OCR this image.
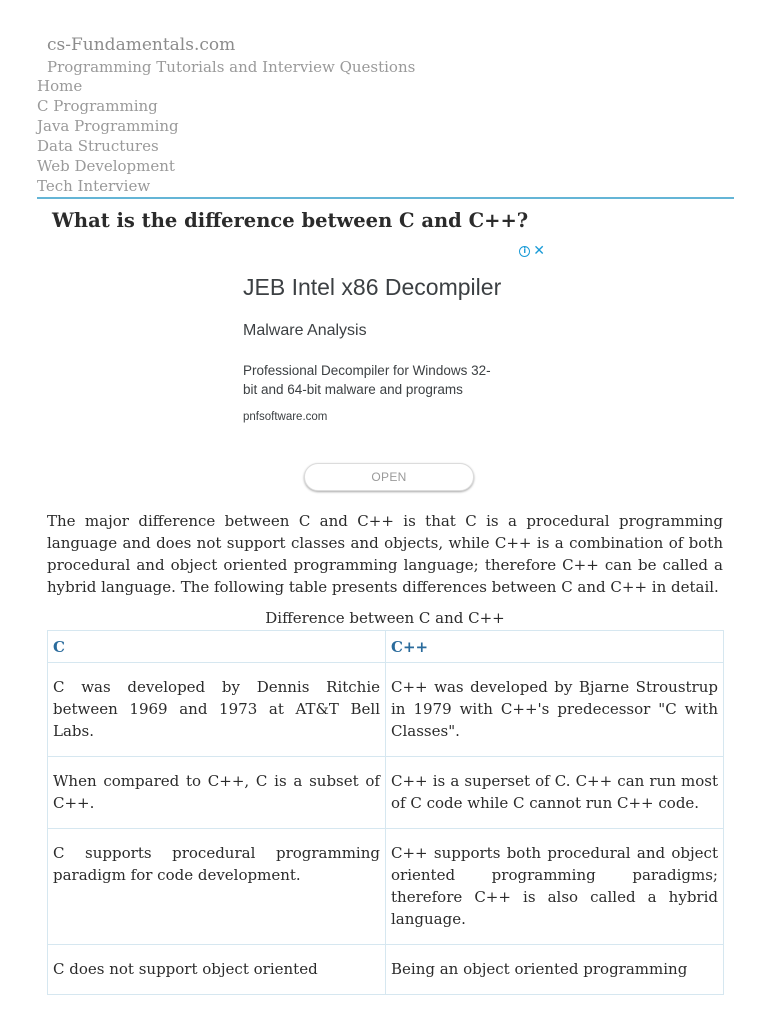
cs-Fundamentals.com
Programming Tutorials and Interview Questions
Home
C Programming
Java Programming
Data Structures
Web Development
Tech Interview
What is the difference between C and C++?
i ✕
JEB Intel x86 Decompiler
Malware Analysis
Professional Decompiler for Windows 32-
bit and 64-bit malware and programs
pnfsoftware.com
OPEN

The major difference between C and C++ is that C is a procedural programming language and does not support classes and objects, while C++ is a combination of both procedural and object oriented programming language; therefore C++ can be called a hybrid language. The following table presents differences between C and C++ in detail.

Difference between C and C++
C	C++
C was developed by Dennis Ritchie between 1969 and 1973 at AT&T Bell Labs.	C++ was developed by Bjarne Stroustrup in 1979 with C++'s predecessor "C with Classes".
When compared to C++, C is a subset of C++.	C++ is a superset of C. C++ can run most of C code while C cannot run C++ code.
C supports procedural programming paradigm for code development.	C++ supports both procedural and object oriented programming paradigms; therefore C++ is also called a hybrid language.
C does not support object oriented	Being an object oriented programming
